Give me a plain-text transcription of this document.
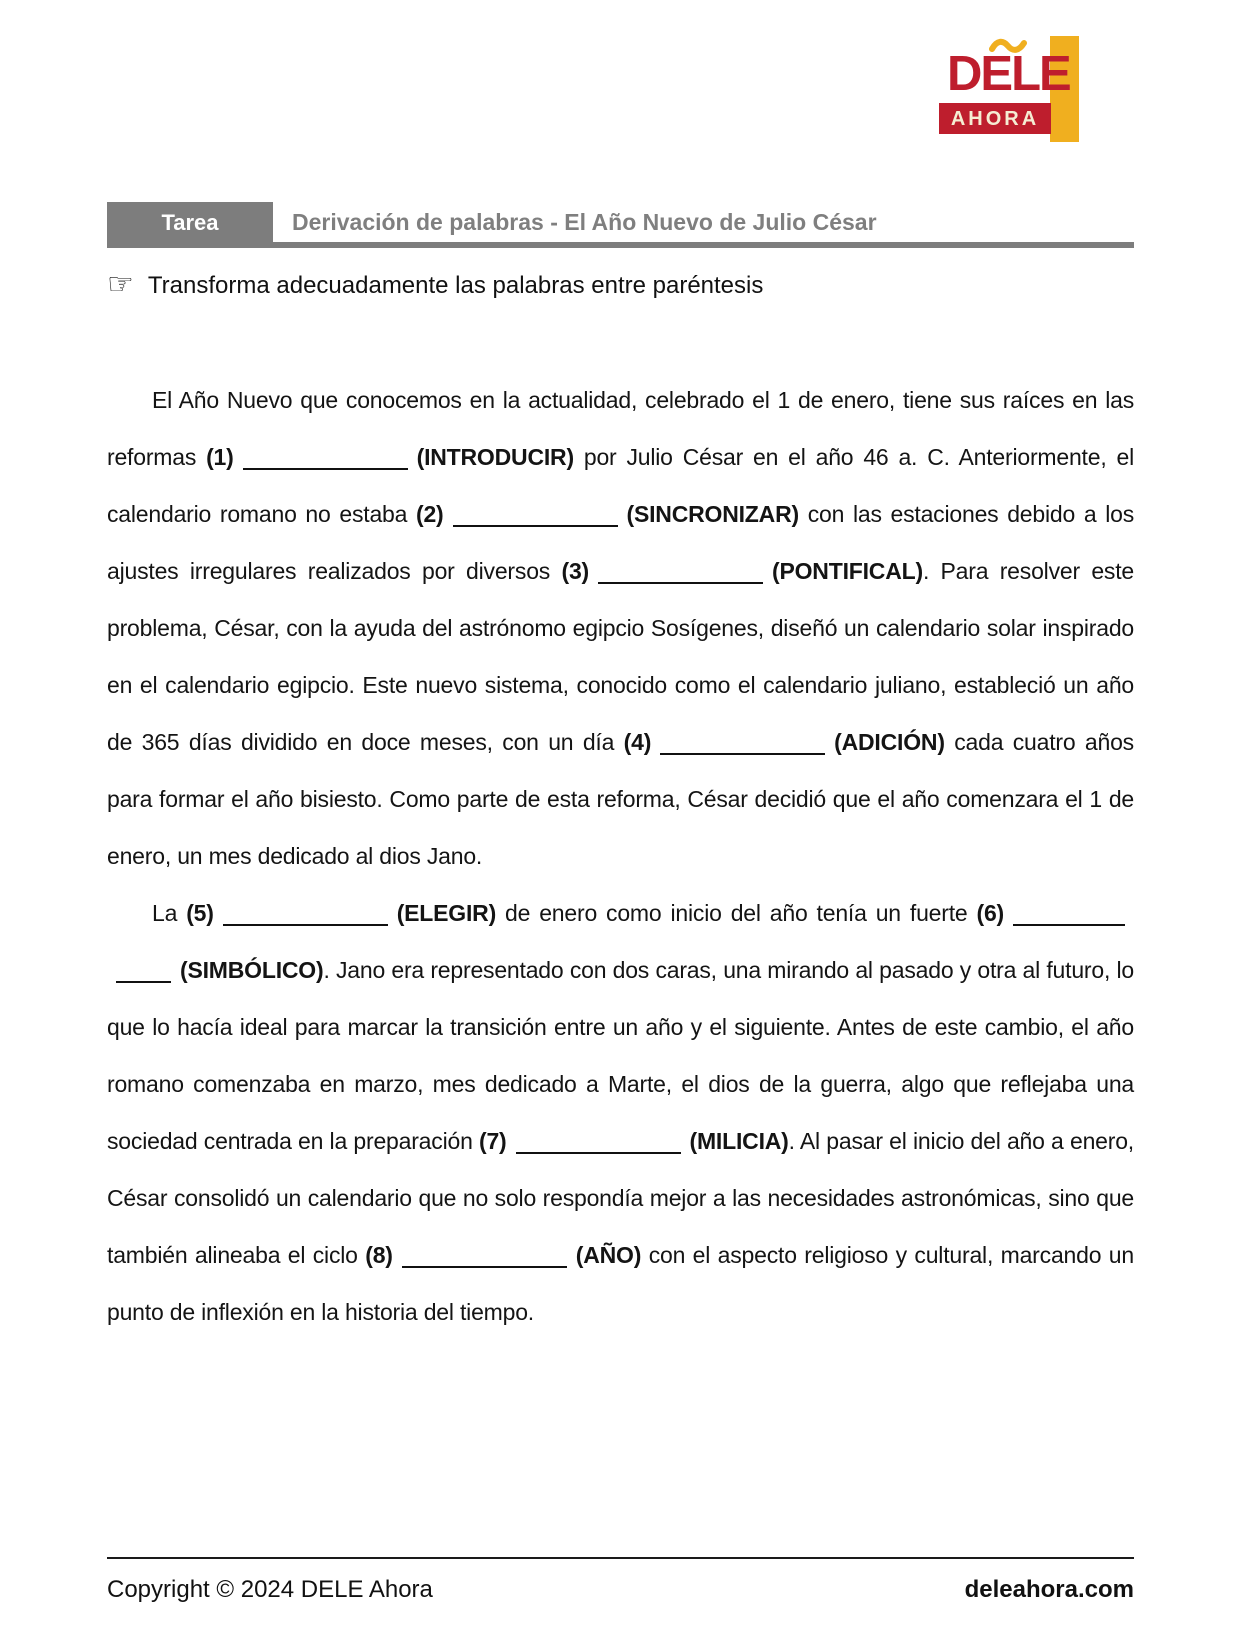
AHORA
DELE
Tarea	Derivación de palabras - El Año Nuevo de Julio César
☞ Transforma adecuadamente las palabras entre paréntesis

El Año Nuevo que conocemos en la actualidad, celebrado el 1 de enero, tiene sus raíces en las reformas (1)	(INTRODUCIR) por Julio César en el año 46 a. C. Anteriormente, el calendario romano no estaba (2)	(SINCRONIZAR) con las estaciones debido a los ajustes irregulares realizados por diversos (3)	(PONTIFICAL). Para resolver este problema, César, con la ayuda del astrónomo egipcio Sosígenes, diseñó un calendario solar inspirado en el calendario egipcio. Este nuevo sistema, conocido como el calendario juliano, estableció un año de 365 días dividido en doce meses, con un día (4)	(ADICIÓN) cada cuatro años para formar el año bisiesto. Como parte de esta reforma, César decidió que el año comenzara el 1 de enero, un mes dedicado al dios Jano.

La (5)	(ELEGIR) de enero como inicio del año tenía un fuerte (6)(SIMBÓLICO). Jano era representado con dos caras, una mirando al pasado y otra al futuro, lo que lo hacía ideal para marcar la transición entre un año y el siguiente. Antes de este cambio, el año romano comenzaba en marzo, mes dedicado a Marte, el dios de la guerra, algo que reflejaba una sociedad centrada en la preparación (7)	(MILICIA). Al pasar el inicio del año a enero, César consolidó un calendario que no solo respondía mejor a las necesidades astronómicas, sino que también alineaba el ciclo (8)	(AÑO) con el aspecto religioso y cultural, marcando un punto de inflexión en la historia del tiempo.

Copyright © 2024 DELE Ahora	deleahora.com
